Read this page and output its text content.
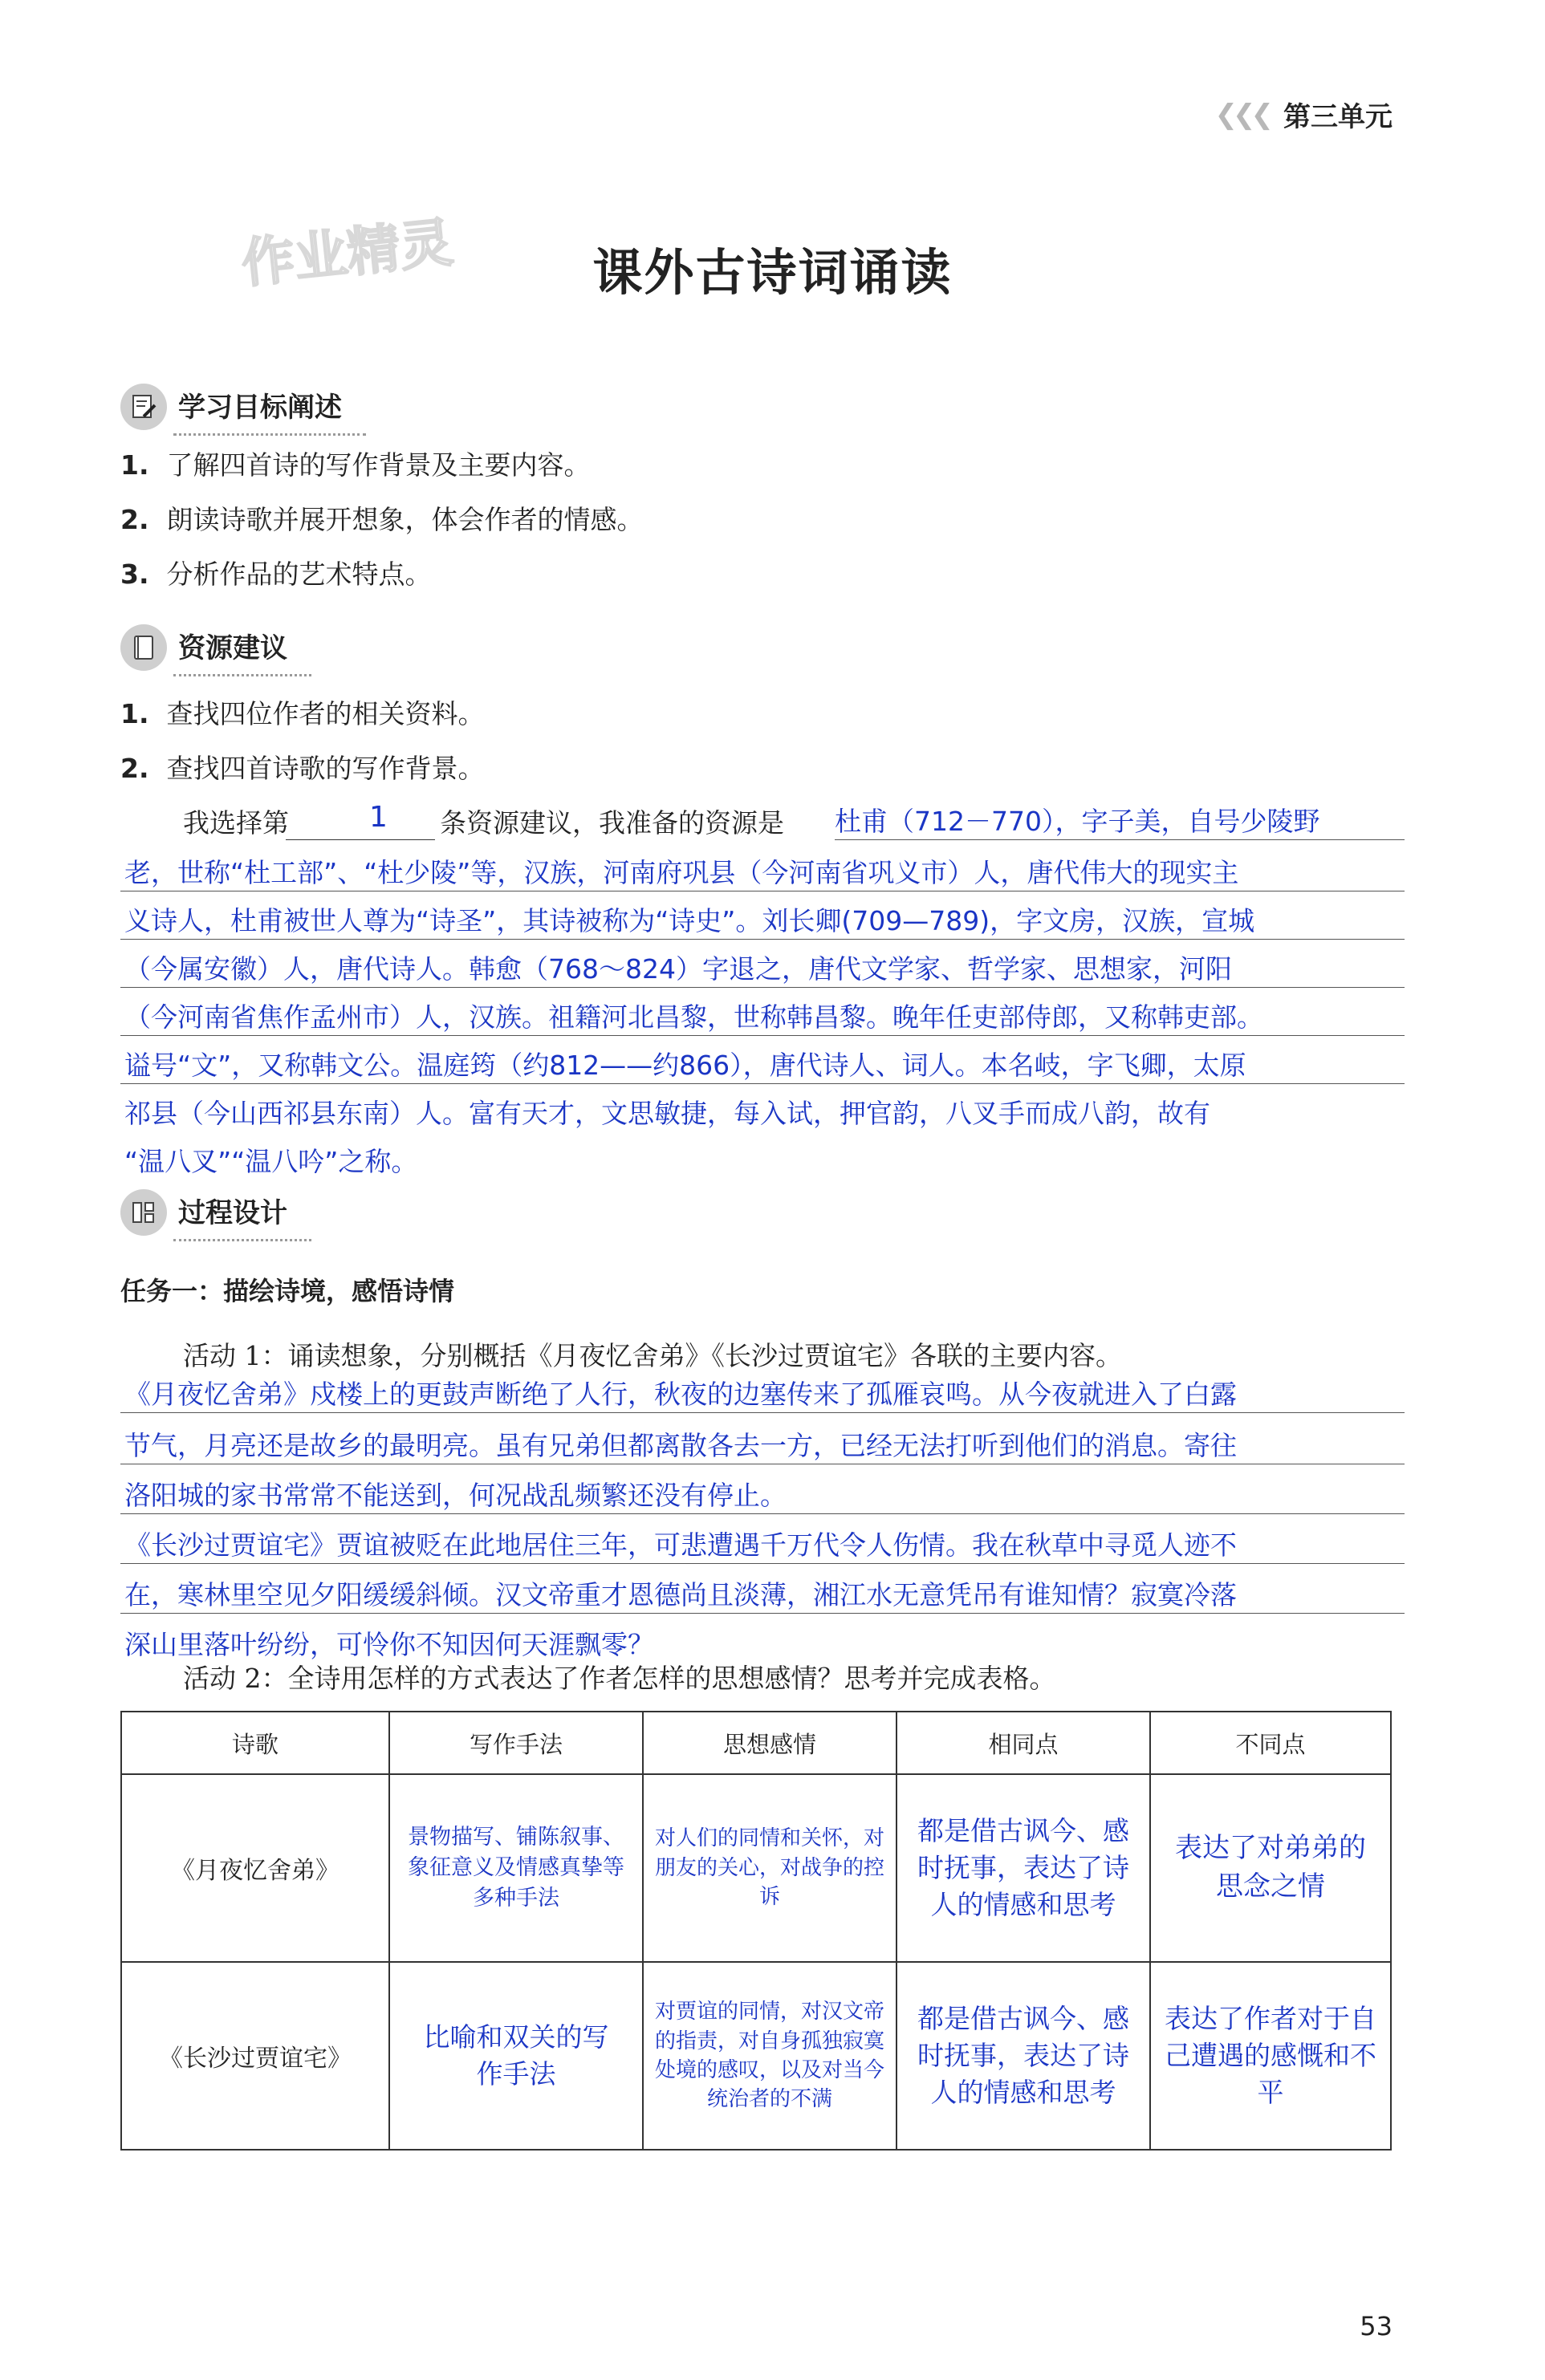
❮❮❮ 第三单元
作业精灵	课外古诗词诵读
学习目标阐述
1. 了解四首诗的写作背景及主要内容。
2. 朗读诗歌并展开想象，体会作者的情感。
3. 分析作品的艺术特点。
资源建议
1. 查找四位作者的相关资料。
2. 查找四首诗歌的写作背景。
我选择第	1 条资源建议，我准备的资源是 杜甫（712－770），字子美，自号少陵野
老，世称“杜工部”、“杜少陵”等，汉族，河南府巩县（今河南省巩义市）人，唐代伟大的现实主
义诗人，杜甫被世人尊为“诗圣”，其诗被称为“诗史”。刘长卿(709—789)，字文房，汉族，宣城
（今属安徽）人，唐代诗人。韩愈（768～824）字退之，唐代文学家、哲学家、思想家，河阳
（今河南省焦作孟州市）人，汉族。祖籍河北昌黎，世称韩昌黎。晚年任吏部侍郎，又称韩吏部。
谥号“文”，又称韩文公。温庭筠（约812——约866），唐代诗人、词人。本名岐，字飞卿，太原
祁县（今山西祁县东南）人。富有天才，文思敏捷，每入试，押官韵，八叉手而成八韵，故有
“温八叉”“温八吟”之称。
过程设计
任务一：描绘诗境，感悟诗情
活动 1：诵读想象，分别概括《月夜忆舍弟》《长沙过贾谊宅》各联的主要内容。
《月夜忆舍弟》戍楼上的更鼓声断绝了人行，秋夜的边塞传来了孤雁哀鸣。从今夜就进入了白露
节气，月亮还是故乡的最明亮。虽有兄弟但都离散各去一方，已经无法打听到他们的消息。寄往
洛阳城的家书常常不能送到，何况战乱频繁还没有停止。
《长沙过贾谊宅》贾谊被贬在此地居住三年，可悲遭遇千万代令人伤情。我在秋草中寻觅人迹不
在，寒林里空见夕阳缓缓斜倾。汉文帝重才恩德尚且淡薄，湘江水无意凭吊有谁知情？寂寞冷落
深山里落叶纷纷，可怜你不知因何天涯飘零？
活动 2：全诗用怎样的方式表达了作者怎样的思想感情？思考并完成表格。
诗歌	写作手法	思想感情	相同点	不同点
《月夜忆舍弟》	景物描写、铺陈叙事、象征意义及情感真挚等多种手法	对人们的同情和关怀，对朋友的关心，对战争的控诉	都是借古讽今、感时抚事，表达了诗人的情感和思考	表达了对弟弟的思念之情
《长沙过贾谊宅》	比喻和双关的写作手法	对贾谊的同情，对汉文帝的指责，对自身孤独寂寞处境的感叹，以及对当今统治者的不满	都是借古讽今、感时抚事，表达了诗人的情感和思考	表达了作者对于自己遭遇的感慨和不平
53
